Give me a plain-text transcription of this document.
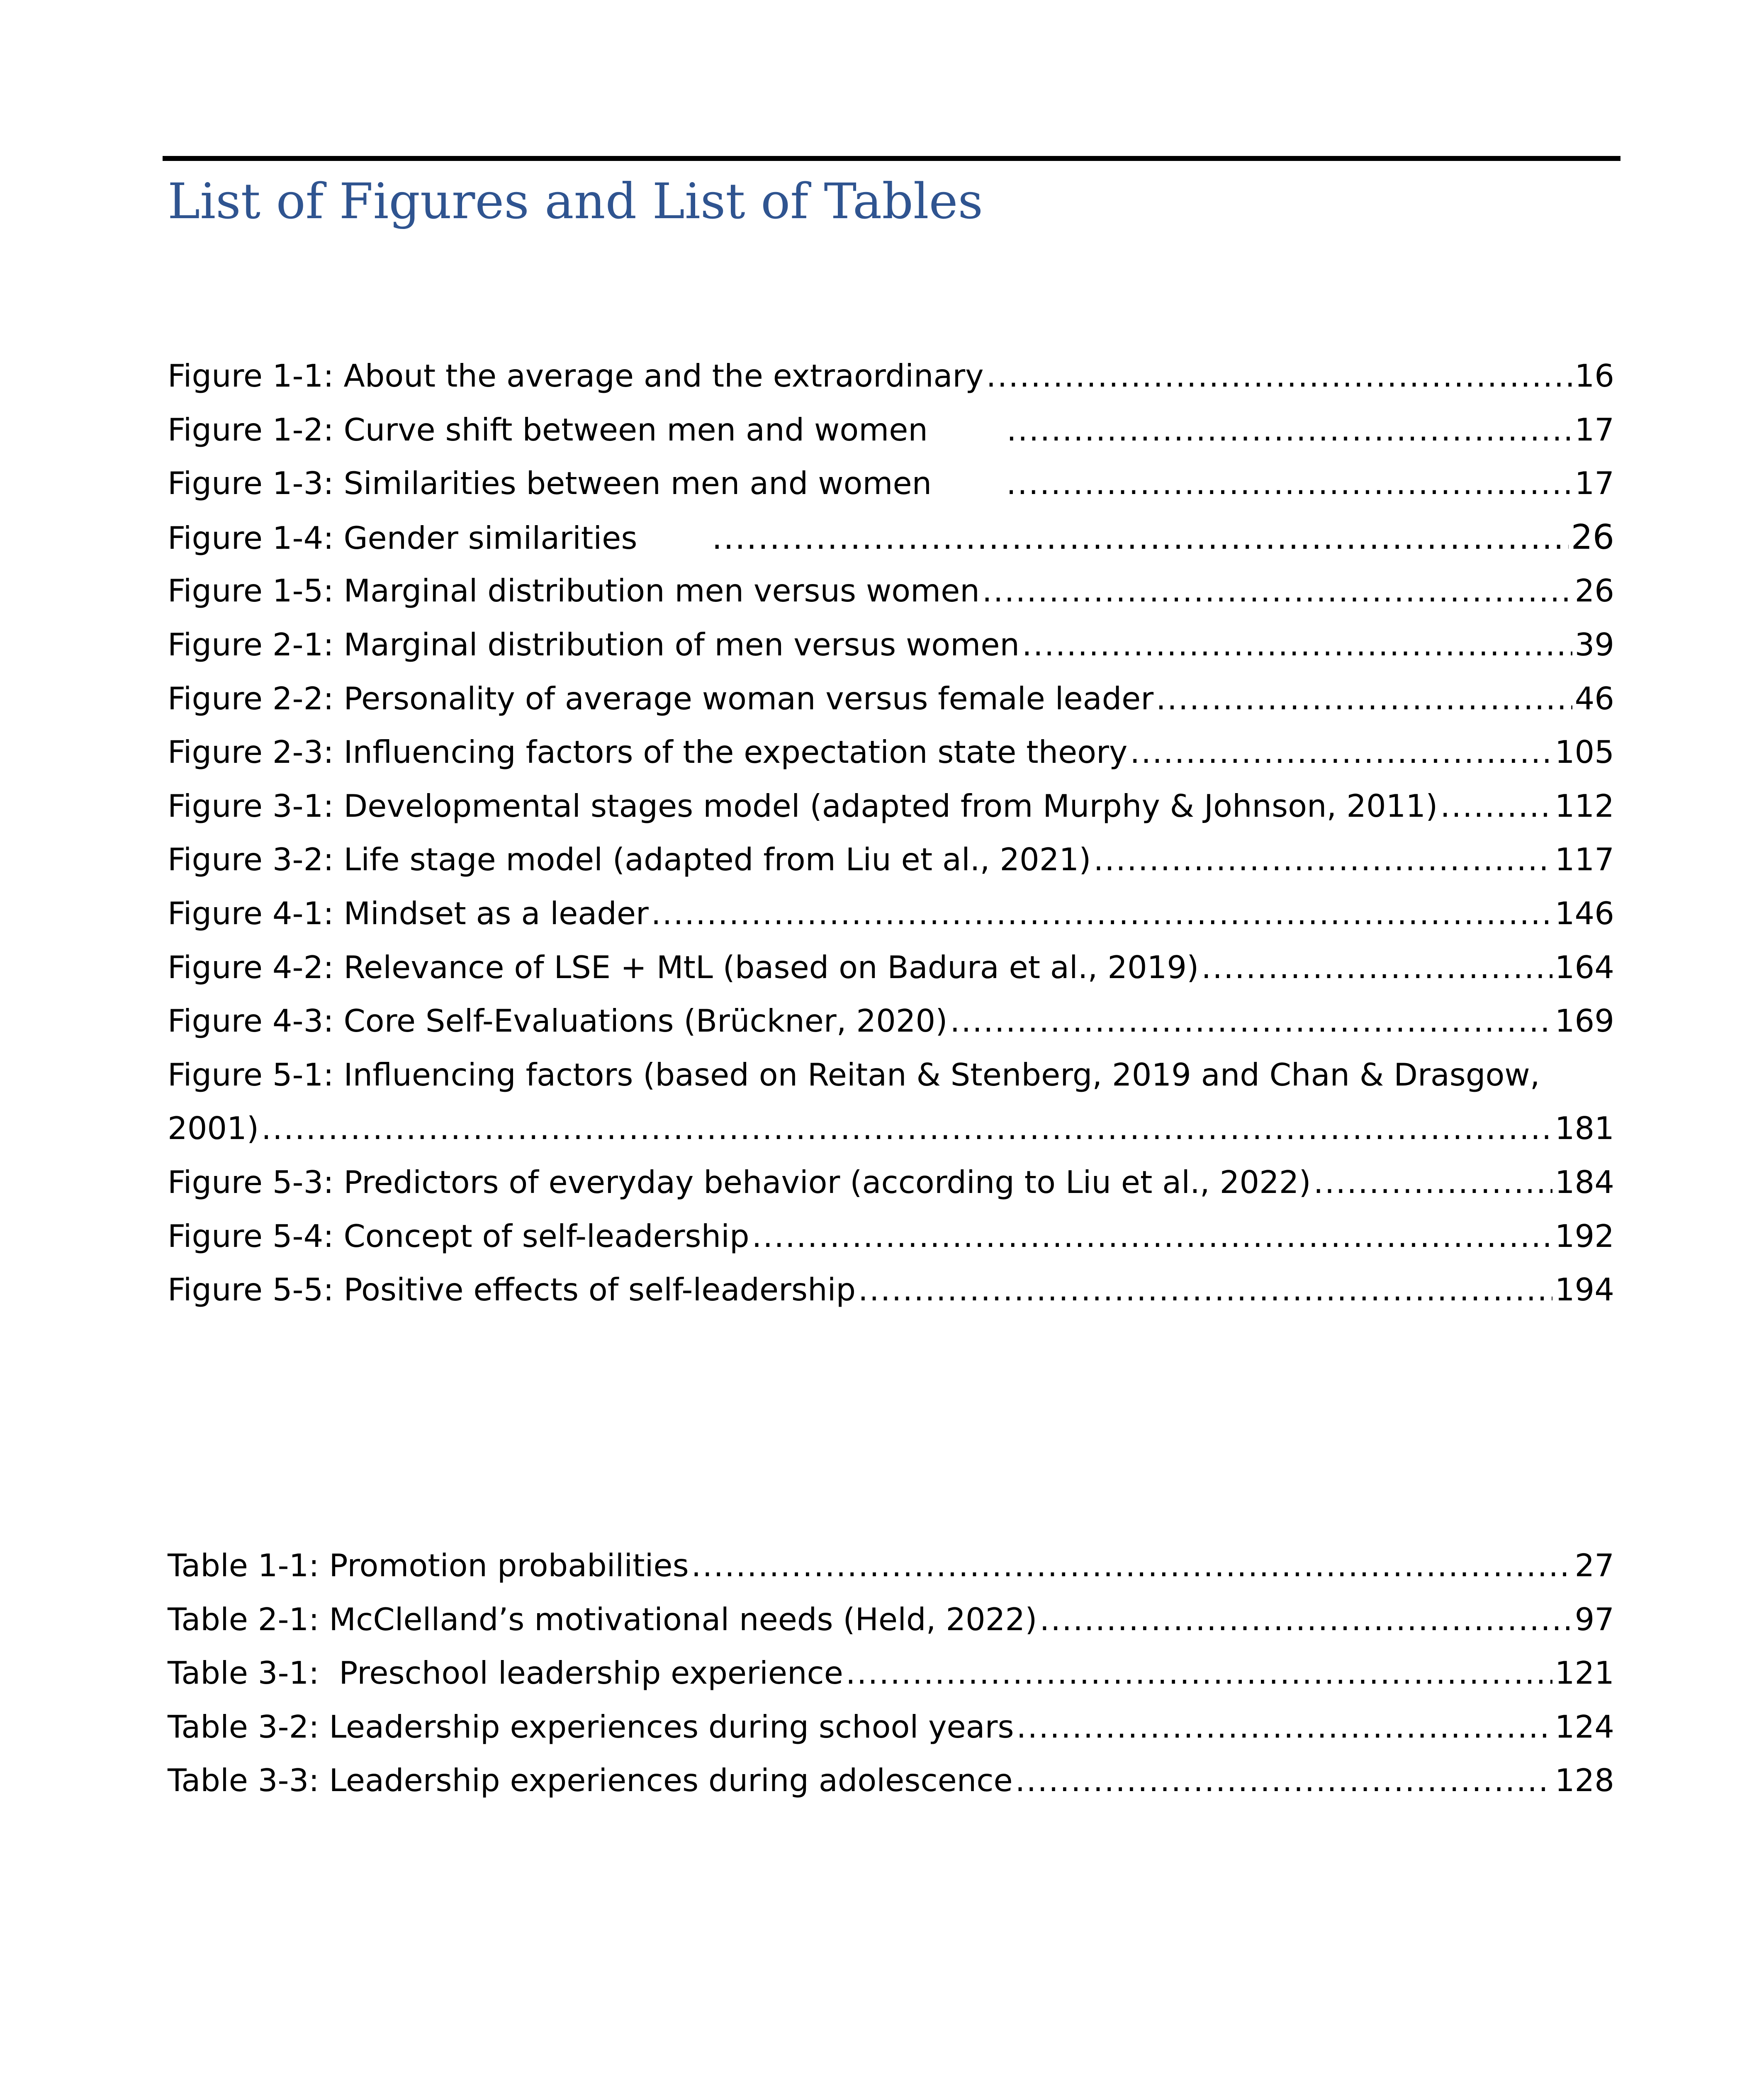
List of Figures and List of Tables
Figure 1-1: About the average and the extraordinary .....	16
Figure 1-2: Curve shift between men and women .....	17
Figure 1-3: Similarities between men and women .....	17
Figure 1-4: Gender similarities .....	26
Figure 1-5: Marginal distribution men versus women .....	26
Figure 2-1: Marginal distribution of men versus women .....	39
Figure 2-2: Personality of average woman versus female leader .....	46
Figure 2-3: Influencing factors of the expectation state theory .....	105
Figure 3-1: Developmental stages model (adapted from Murphy & Johnson, 2011) .....	112
Figure 3-2: Life stage model (adapted from Liu et al., 2021) .....	117
Figure 4-1: Mindset as a leader .....	146
Figure 4-2: Relevance of LSE + MtL (based on Badura et al., 2019) .....	164
Figure 4-3: Core Self-Evaluations (Brückner, 2020) .....	169
Figure 5-1: Influencing factors (based on Reitan & Stenberg, 2019 and Chan & Drasgow,
2001) .....	181
Figure 5-3: Predictors of everyday behavior (according to Liu et al., 2022) .....	184
Figure 5-4: Concept of self-leadership .....	192
Figure 5-5: Positive effects of self-leadership .....	194
Table 1-1: Promotion probabilities .....	27
Table 2-1: McClelland’s motivational needs (Held, 2022) .....	97
Table 3-1:  Preschool leadership experience .....	121
Table 3-2: Leadership experiences during school years .....	124
Table 3-3: Leadership experiences during adolescence .....	128
